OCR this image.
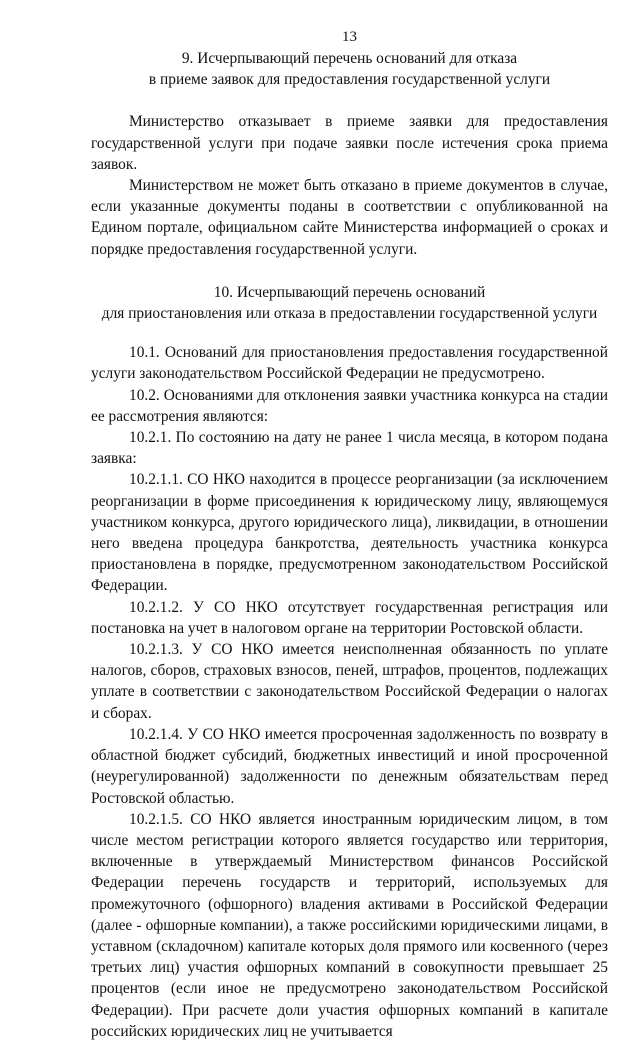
13
9. Исчерпывающий перечень оснований для отказа
в приеме заявок для предоставления государственной услуги

Министерство отказывает в приеме заявки для предоставления государственной услуги при подаче заявки после истечения срока приема заявок.

Министерством не может быть отказано в приеме документов в случае, если указанные документы поданы в соответствии с опубликованной на Едином портале, официальном сайте Министерства информацией о сроках и порядке предоставления государственной услуги.

10. Исчерпывающий перечень оснований
для приостановления или отказа в предоставлении государственной услуги

10.1. Оснований для приостановления предоставления государственной услуги законодательством Российской Федерации не предусмотрено.

10.2. Основаниями для отклонения заявки участника конкурса на стадии ее рассмотрения являются:

10.2.1. По состоянию на дату не ранее 1 числа месяца, в котором подана заявка:

10.2.1.1. СО НКО находится в процессе реорганизации (за исключением реорганизации в форме присоединения к юридическому лицу, являющемуся участником конкурса, другого юридического лица), ликвидации, в отношении него введена процедура банкротства, деятельность участника конкурса приостановлена в порядке, предусмотренном законодательством Российской Федерации.

10.2.1.2. У СО НКО отсутствует государственная регистрация или постановка на учет в налоговом органе на территории Ростовской области.

10.2.1.3. У СО НКО имеется неисполненная обязанность по уплате налогов, сборов, страховых взносов, пеней, штрафов, процентов, подлежащих уплате в соответствии с законодательством Российской Федерации о налогах и сборах.

10.2.1.4. У СО НКО имеется просроченная задолженность по возврату в областной бюджет субсидий, бюджетных инвестиций и иной просроченной (неурегулированной) задолженности по денежным обязательствам перед Ростовской областью.

10.2.1.5. СО НКО является иностранным юридическим лицом, в том числе местом регистрации которого является государство или территория, включенные в утверждаемый Министерством финансов Российской Федерации перечень государств и территорий, используемых для промежуточного (офшорного) владения активами в Российской Федерации (далее - офшорные компании), а также российскими юридическими лицами, в уставном (складочном) капитале которых доля прямого или косвенного (через третьих лиц) участия офшорных компаний в совокупности превышает 25 процентов (если иное не предусмотрено законодательством Российской Федерации). При расчете доли участия офшорных компаний в капитале российских юридических лиц не учитывается
